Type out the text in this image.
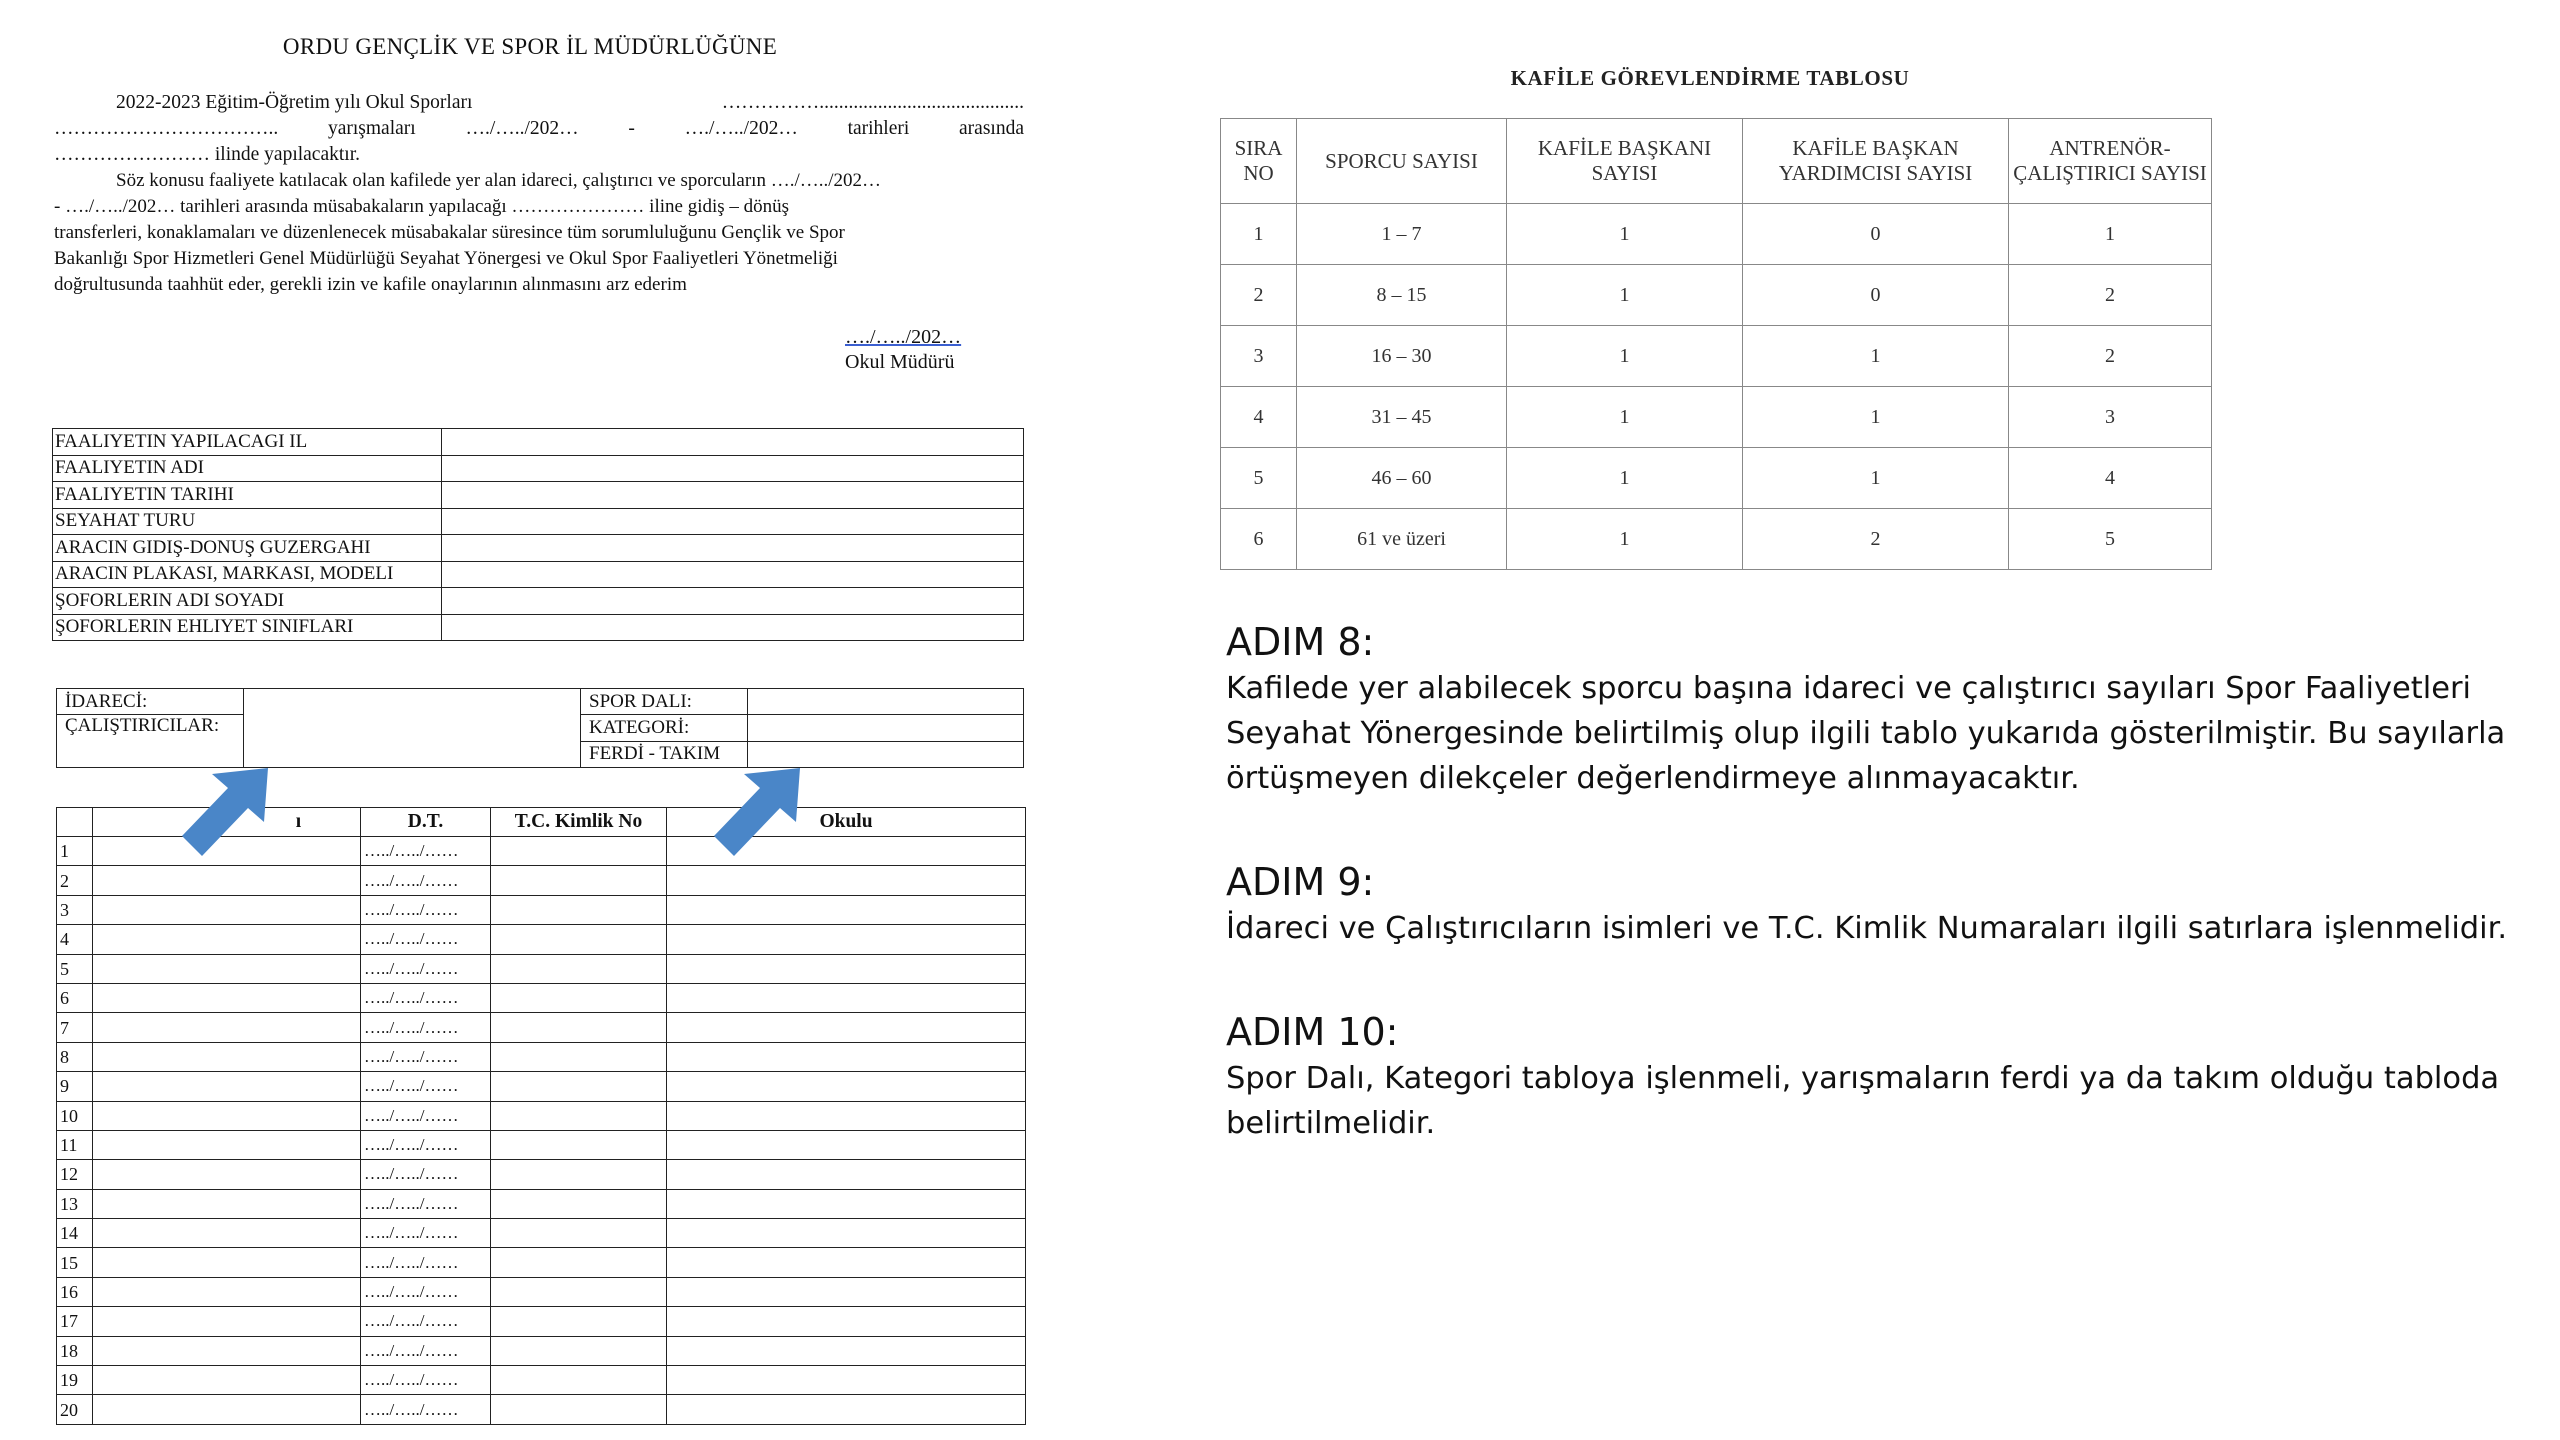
ORDU GENÇLİK VE SPOR İL MÜDÜRLÜĞÜNE
2022-2023 Eğitim-Öğretim yılı Okul Sporları	……………..........................................
……………………………..	yarışmaları	…./…../202…	-	…./…../202…	tarihleri	arasında
…………………… ilinde yapılacaktır.
Söz konusu faaliyete katılacak olan kafilede yer alan idareci, çalıştırıcı ve sporcuların …./…../202…
- …./…../202… tarihleri arasında müsabakaların yapılacağı ………………… iline gidiş – dönüş
transferleri, konaklamaları ve düzenlenecek müsabakalar süresince tüm sorumluluğunu Gençlik ve Spor
Bakanlığı Spor Hizmetleri Genel Müdürlüğü Seyahat Yönergesi ve Okul Spor Faaliyetleri Yönetmeliği
doğrultusunda taahhüt eder, gerekli izin ve kafile onaylarının alınmasını arz ederim
…./…../202…
Okul Müdürü
FAALIYETIN YAPILACAGI IL	
FAALIYETIN ADI	
FAALIYETIN TARIHI	
SEYAHAT TURU	
ARACIN GIDIŞ-DONUŞ GUZERGAHI	
ARACIN PLAKASI, MARKASI, MODELI	
ŞOFORLERIN ADI SOYADI	
ŞOFORLERIN EHLIYET SINIFLARI	
İDARECİ:		SPOR DALI:	
ÇALIŞTIRICILAR:		KATEGORİ:	
		FERDİ - TAKIM	
	ı	D.T.	T.C. Kimlik No	Okulu
1		…../…../……		
2		…../…../……		
3		…../…../……		
4		…../…../……		
5		…../…../……		
6		…../…../……		
7		…../…../……		
8		…../…../……		
9		…../…../……		
10		…../…../……		
11		…../…../……		
12		…../…../……		
13		…../…../……		
14		…../…../……		
15		…../…../……		
16		…../…../……		
17		…../…../……		
18		…../…../……		
19		…../…../……		
20		…../…../……		
KAFİLE GÖREVLENDİRME TABLOSU
SIRA NO	SPORCU SAYISI	KAFİLE BAŞKANI SAYISI	KAFİLE BAŞKAN YARDIMCISI SAYISI	ANTRENÖR-ÇALIŞTIRICI SAYISI
1	1 – 7	1	0	1
2	8 – 15	1	0	2
3	16 – 30	1	1	2
4	31 – 45	1	1	3
5	46 – 60	1	1	4
6	61 ve üzeri	1	2	5
ADIM 8:
Kafilede yer alabilecek sporcu başına idareci ve çalıştırıcı sayıları Spor Faaliyetleri
Seyahat Yönergesinde belirtilmiş olup ilgili tablo yukarıda gösterilmiştir. Bu sayılarla
örtüşmeyen dilekçeler değerlendirmeye alınmayacaktır.
ADIM 9:
İdareci ve Çalıştırıcıların isimleri ve T.C. Kimlik Numaraları ilgili satırlara işlenmelidir.
ADIM 10:
Spor Dalı, Kategori tabloya işlenmeli, yarışmaların ferdi ya da takım olduğu tabloda
belirtilmelidir.
